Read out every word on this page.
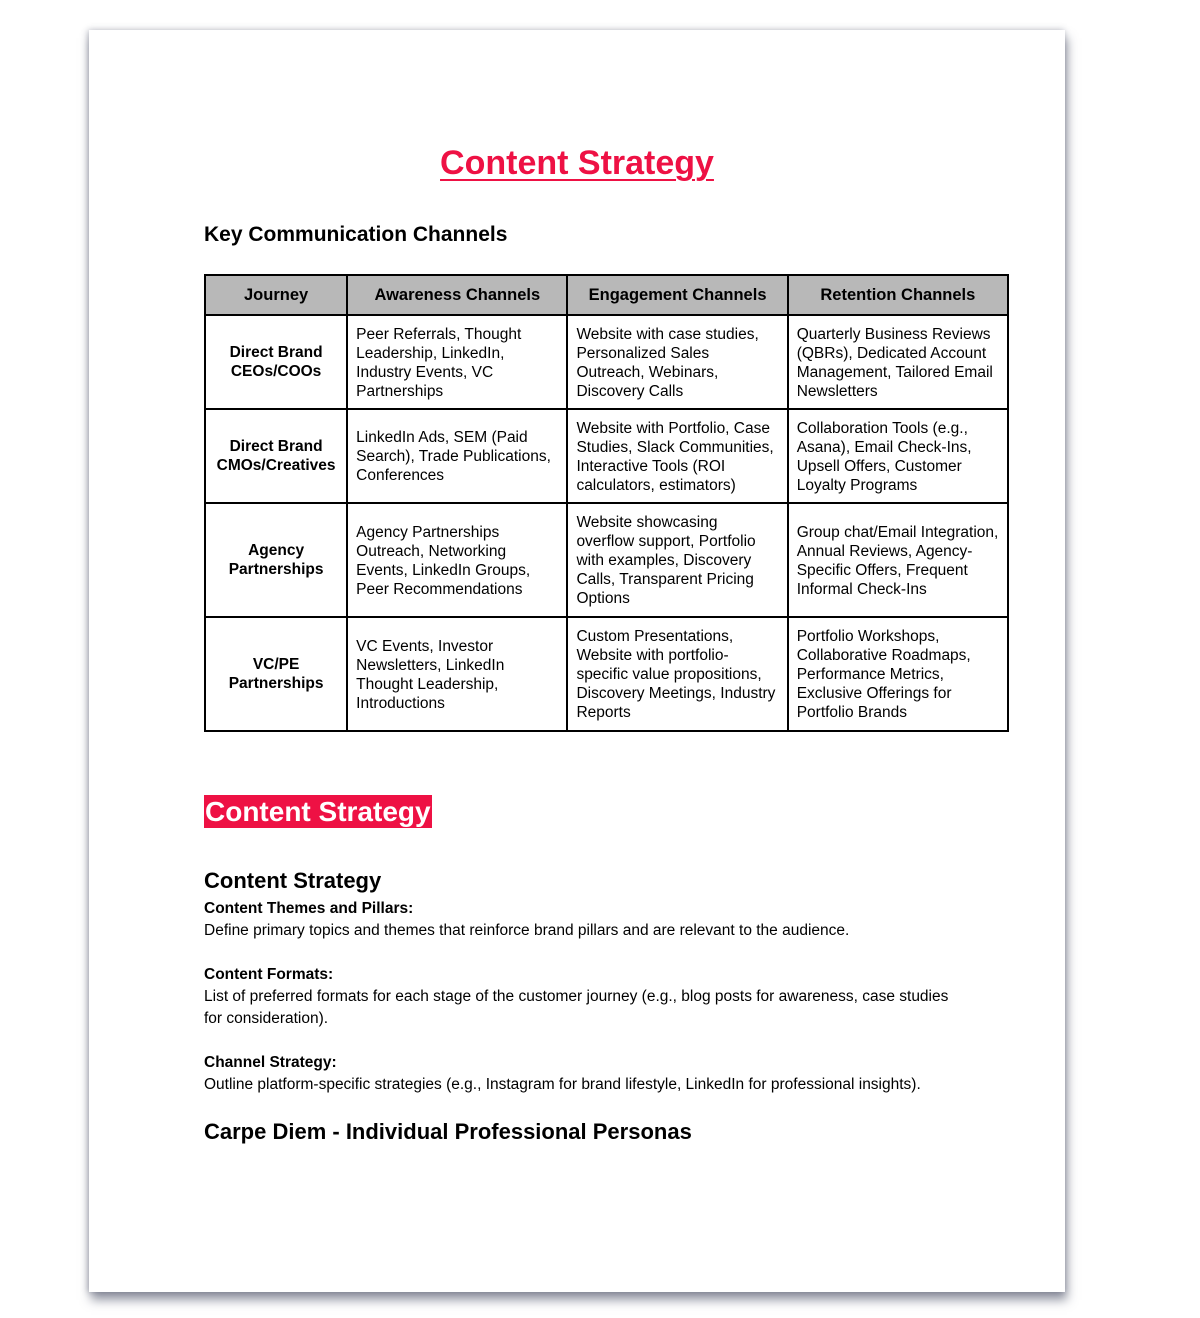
Content Strategy
Key Communication Channels
Journey	Awareness Channels	Engagement Channels	Retention Channels
Direct Brand CEOs/COOs	Peer Referrals, Thought Leadership, LinkedIn, Industry Events, VC Partnerships	Website with case studies, Personalized Sales Outreach, Webinars, Discovery Calls	Quarterly Business Reviews (QBRs), Dedicated Account Management, Tailored Email Newsletters
Direct Brand CMOs/Creatives	LinkedIn Ads, SEM (Paid Search), Trade Publications, Conferences	Website with Portfolio, Case Studies, Slack Communities, Interactive Tools (ROI calculators, estimators)	Collaboration Tools (e.g., Asana), Email Check-Ins, Upsell Offers, Customer Loyalty Programs
Agency Partnerships	Agency Partnerships Outreach, Networking Events, LinkedIn Groups, Peer Recommendations	Website showcasing overflow support, Portfolio with examples, Discovery Calls, Transparent Pricing Options	Group chat/Email Integration, Annual Reviews, Agency-Specific Offers, Frequent Informal Check-Ins
VC/PE Partnerships	VC Events, Investor Newsletters, LinkedIn Thought Leadership, Introductions	Custom Presentations, Website with portfolio-specific value propositions, Discovery Meetings, Industry Reports	Portfolio Workshops, Collaborative Roadmaps, Performance Metrics, Exclusive Offerings for Portfolio Brands
Content Strategy
Content Strategy
Content Themes and Pillars:
Define primary topics and themes that reinforce brand pillars and are relevant to the audience.
Content Formats:
List of preferred formats for each stage of the customer journey (e.g., blog posts for awareness, case studies for consideration).
Channel Strategy:
Outline platform-specific strategies (e.g., Instagram for brand lifestyle, LinkedIn for professional insights).
Carpe Diem - Individual Professional Personas
